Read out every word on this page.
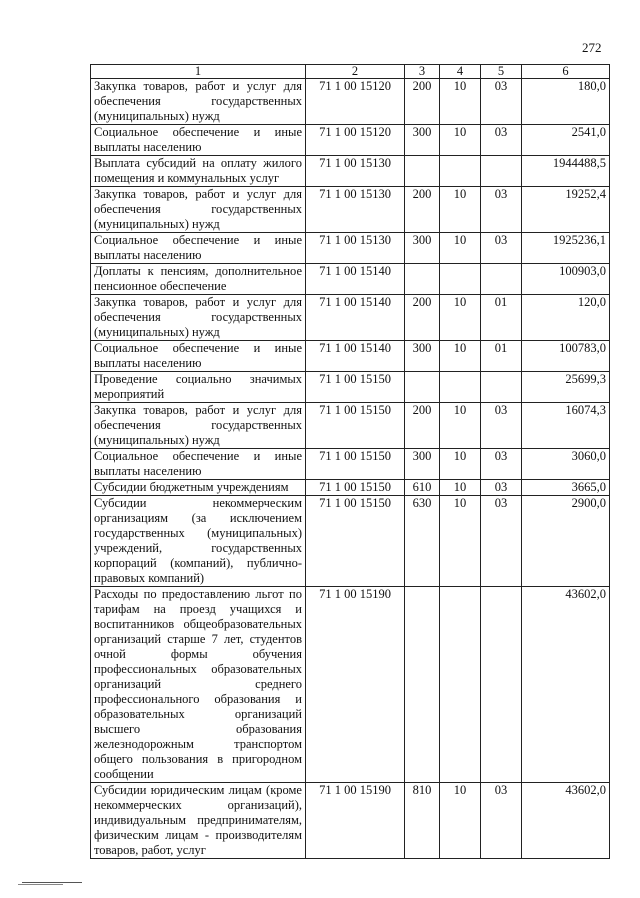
272
1	2	3	4	5	6
Закупка товаров, работ и услуг для обеспечения государственных (муниципальных) нужд	71 1 00 15120	200	10	03	180,0
Социальное обеспечение и иные выплаты населению	71 1 00 15120	300	10	03	2541,0
Выплата субсидий на оплату жилого помещения и коммунальных услуг	71 1 00 15130				1944488,5
Закупка товаров, работ и услуг для обеспечения государственных (муниципальных) нужд	71 1 00 15130	200	10	03	19252,4
Социальное обеспечение и иные выплаты населению	71 1 00 15130	300	10	03	1925236,1
Доплаты к пенсиям, дополнительное пенсионное обеспечение	71 1 00 15140				100903,0
Закупка товаров, работ и услуг для обеспечения государственных (муниципальных) нужд	71 1 00 15140	200	10	01	120,0
Социальное обеспечение и иные выплаты населению	71 1 00 15140	300	10	01	100783,0
Проведение социально значимых мероприятий	71 1 00 15150				25699,3
Закупка товаров, работ и услуг для обеспечения государственных (муниципальных) нужд	71 1 00 15150	200	10	03	16074,3
Социальное обеспечение и иные выплаты населению	71 1 00 15150	300	10	03	3060,0
Субсидии бюджетным учреждениям	71 1 00 15150	610	10	03	3665,0
Субсидии некоммерческим организациям (за исключением государственных (муниципальных) учреждений, государственных корпораций (компаний), публично-правовых компаний)	71 1 00 15150	630	10	03	2900,0
Расходы по предоставлению льгот по тарифам на проезд учащихся и воспитанников общеобразовательных организаций старше 7 лет, студентов очной формы обучения профессиональных образовательных организаций среднего профессионального образования и образовательных организаций высшего образования железнодорожным транспортом общего пользования в пригородном сообщении	71 1 00 15190				43602,0
Субсидии юридическим лицам (кроме некоммерческих организаций), индивидуальным предпринимателям, физическим лицам - производителям товаров, работ, услуг	71 1 00 15190	810	10	03	43602,0
